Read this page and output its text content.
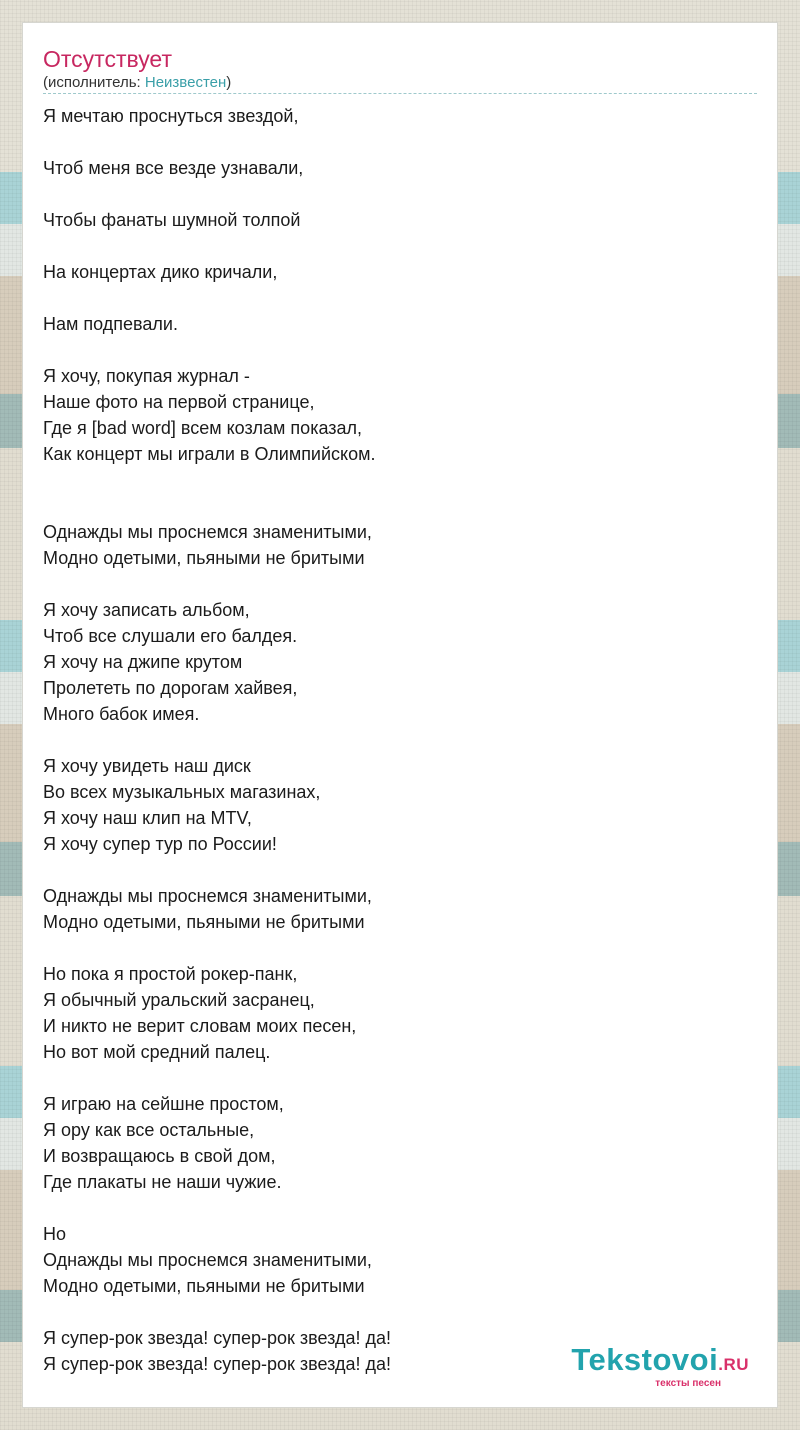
Отсутствует
(исполнитель: Неизвестен)
Я мечтаю проснуться звездой,
Чтоб меня все везде узнавали,
Чтобы фанаты шумной толпой
На концертах дико кричали,
Нам подпевали.
Я хочу, покупая журнал -
Наше фото на первой странице,
Где я [bad word] всем козлам показал,
Как концерт мы играли в Олимпийском.
Однажды мы проснемся знаменитыми,
Модно одетыми, пьяными не бритыми
Я хочу записать альбом,
Чтоб все слушали его балдея.
Я хочу на джипе крутом
Пролететь по дорогам хайвея,
Много бабок имея.
Я хочу увидеть наш диск
Во всех музыкальных магазинах,
Я хочу наш клип на MTV,
Я хочу супер тур по России!
Однажды мы проснемся знаменитыми,
Модно одетыми, пьяными не бритыми
Но пока я простой рокер-панк,
Я обычный уральский засранец,
И никто не верит словам моих песен,
Но вот мой средний палец.
Я играю на сейшне простом,
Я ору как все остальные,
И возвращаюсь в свой дом,
Где плакаты не наши чужие.
Но
Однажды мы проснемся знаменитыми,
Модно одетыми, пьяными не бритыми
Я супер-рок звезда! супер-рок звезда! да!
Я супер-рок звезда! супер-рок звезда! да!	Tekstovoi.RU
тексты песен
